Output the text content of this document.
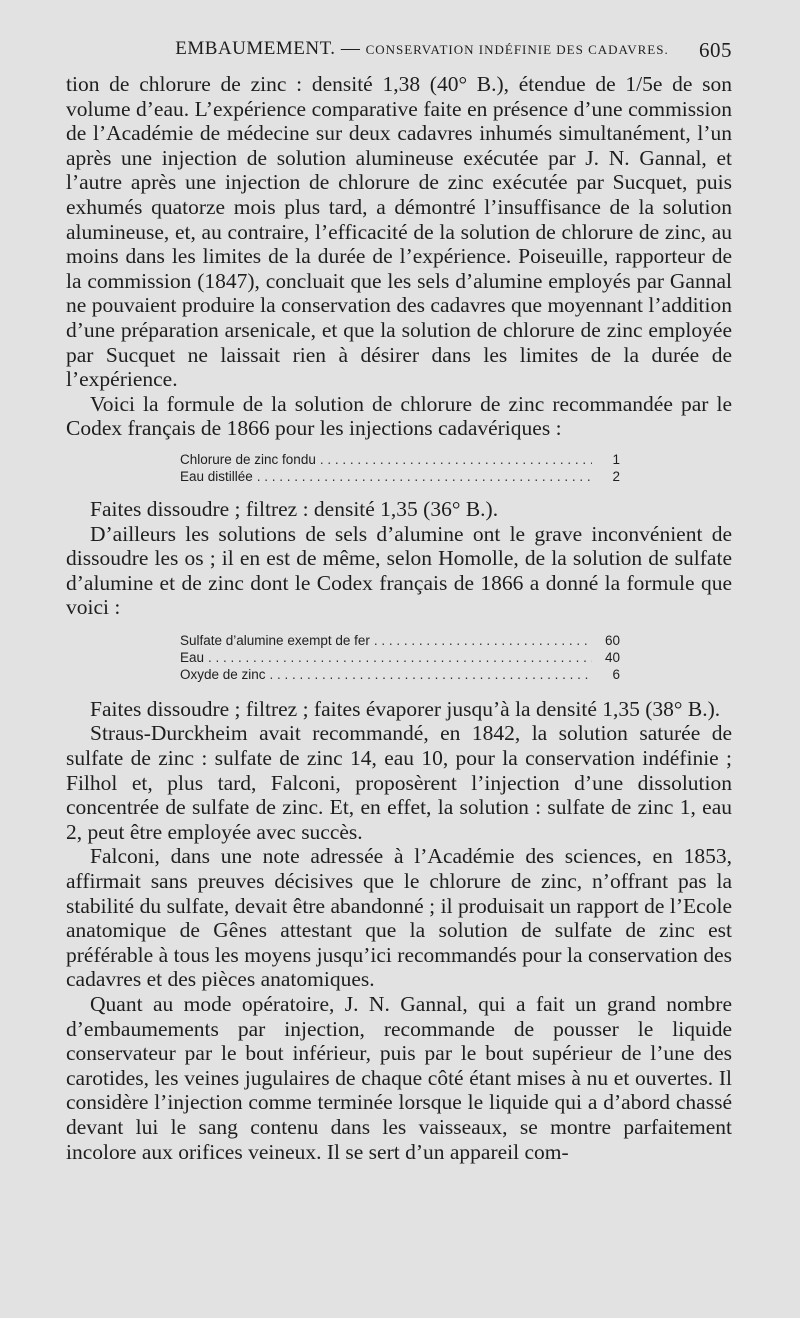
EMBAUMEMENT. — CONSERVATION INDÉFINIE DES CADAVRES. 605

tion de chlorure de zinc : densité 1,38 (40° B.), étendue de 1/5e de son volume d’eau. L’expérience comparative faite en présence d’une commission de l’Académie de médecine sur deux cadavres inhumés simultanément, l’un après une injection de solution alumineuse exécutée par J. N. Gannal, et l’autre après une injection de chlorure de zinc exécutée par Sucquet, puis exhumés quatorze mois plus tard, a démontré l’insuffisance de la solution alumineuse, et, au contraire, l’efficacité de la solution de chlorure de zinc, au moins dans les limites de la durée de l’expérience. Poiseuille, rapporteur de la commission (1847), concluait que les sels d’alumine employés par Gannal ne pouvaient produire la conservation des cadavres que moyennant l’addition d’une préparation arsenicale, et que la solution de chlorure de zinc employée par Sucquet ne laissait rien à désirer dans les limites de la durée de l’expérience.

Voici la formule de la solution de chlorure de zinc recommandée par le Codex français de 1866 pour les injections cadavériques :

Chlorure de zinc fondu . . .	1
Eau distillée . . .	2

Faites dissoudre ; filtrez : densité 1,35 (36° B.).

D’ailleurs les solutions de sels d’alumine ont le grave inconvénient de dissoudre les os ; il en est de même, selon Homolle, de la solution de sulfate d’alumine et de zinc dont le Codex français de 1866 a donné la formule que voici :

Sulfate d’alumine exempt de fer . . .	60
Eau . . .	40
Oxyde de zinc . . .	6

Faites dissoudre ; filtrez ; faites évaporer jusqu’à la densité 1,35 (38° B.).

Straus-Durckheim avait recommandé, en 1842, la solution saturée de sulfate de zinc : sulfate de zinc 14, eau 10, pour la conservation indéfinie ; Filhol et, plus tard, Falconi, proposèrent l’injection d’une dissolution concentrée de sulfate de zinc. Et, en effet, la solution : sulfate de zinc 1, eau 2, peut être employée avec succès.

Falconi, dans une note adressée à l’Académie des sciences, en 1853, affirmait sans preuves décisives que le chlorure de zinc, n’offrant pas la stabilité du sulfate, devait être abandonné ; il produisait un rapport de l’Ecole anatomique de Gênes attestant que la solution de sulfate de zinc est préférable à tous les moyens jusqu’ici recommandés pour la conservation des cadavres et des pièces anatomiques.

Quant au mode opératoire, J. N. Gannal, qui a fait un grand nombre d’embaumements par injection, recommande de pousser le liquide conservateur par le bout inférieur, puis par le bout supérieur de l’une des carotides, les veines jugulaires de chaque côté étant mises à nu et ouvertes. Il considère l’injection comme terminée lorsque le liquide qui a d’abord chassé devant lui le sang contenu dans les vaisseaux, se montre parfaitement incolore aux orifices veineux. Il se sert d’un appareil com-
